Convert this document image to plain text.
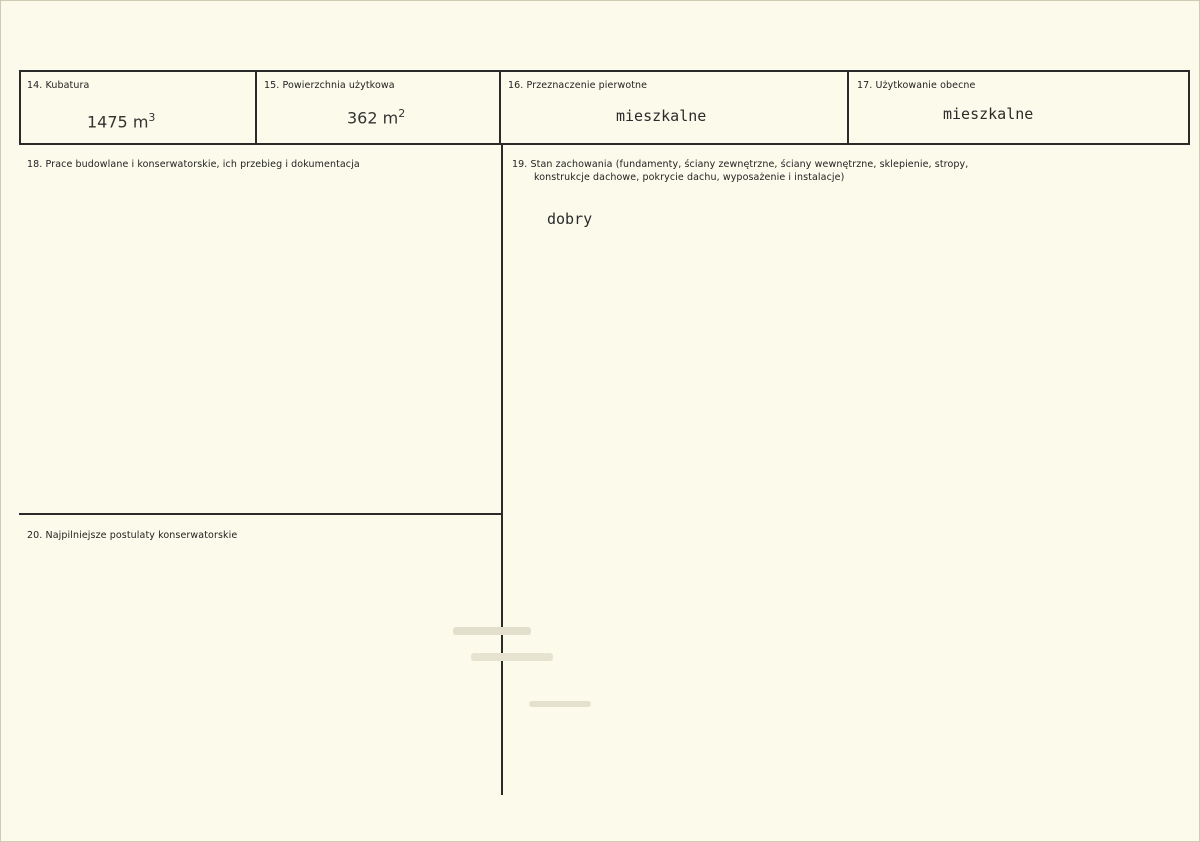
14. Kubatura
1475 $m^3$
15. Powierzchnia użytkowa
362 $m^2$
16. Przeznaczenie pierwotne
mieszkalne
17. Użytkowanie obecne
mieszkalne
18. Prace budowlane i konserwatorskie, ich przebieg i dokumentacja	19. Stan zachowania (fundamenty, ściany zewnętrzne, ściany wewnętrzne, sklepienie, stropy,
konstrukcje dachowe, pokrycie dachu, wyposażenie i instalacje)
dobry
20. Najpilniejsze postulaty konserwatorskie
